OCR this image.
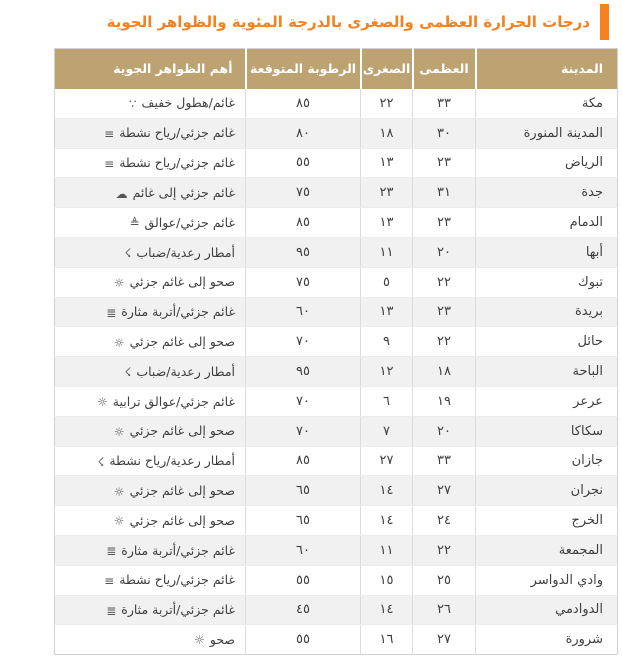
درجات الحرارة العظمى والصغرى بالدرجة المئوية والظواهر الجوية
المدينة	العظمى	الصغرى	الرطوبة المتوقعة	أهم الظواهر الجوية
مكة	٣٣	٢٢	٨٥	غائم/هطول خفيف∵
المدينة المنورة	٣٠	١٨	٨٠	غائم جزئي/رياح نشطة≡
الرياض	٢٣	١٣	٥٥	غائم جزئي/رياح نشطة≡
جدة	٣١	٢٣	٧٥	غائم جزئي إلى غائم☁
الدمام	٢٣	١٣	٨٥	غائم جزئي/عوالق≜
أبها	٢٠	١١	٩٥	أمطار رعدية/ضباب☇
تبوك	٢٢	٥	٧٥	صحو إلى غائم جزئي☼
بريدة	٢٣	١٣	٦٠	غائم جزئي/أتربة مثارة≣
حائل	٢٢	٩	٧٠	صحو إلى غائم جزئي☼
الباحة	١٨	١٢	٩٥	أمطار رعدية/ضباب☇
عرعر	١٩	٦	٧٠	غائم جزئي/عوالق ترابية☼
سكاكا	٢٠	٧	٧٠	صحو إلى غائم جزئي☼
جازان	٣٣	٢٧	٨٥	أمطار رعدية/رياح نشطة☇
نجران	٢٧	١٤	٦٥	صحو إلى غائم جزئي☼
الخرج	٢٤	١٤	٦٥	صحو إلى غائم جزئي☼
المجمعة	٢٢	١١	٦٠	غائم جزئي/أتربة مثارة≣
وادي الدواسر	٢٥	١٥	٥٥	غائم جزئي/رياح نشطة≡
الدوادمي	٢٦	١٤	٤٥	غائم جزئي/أتربة مثارة≣
شرورة	٢٧	١٦	٥٥	صحو☼
